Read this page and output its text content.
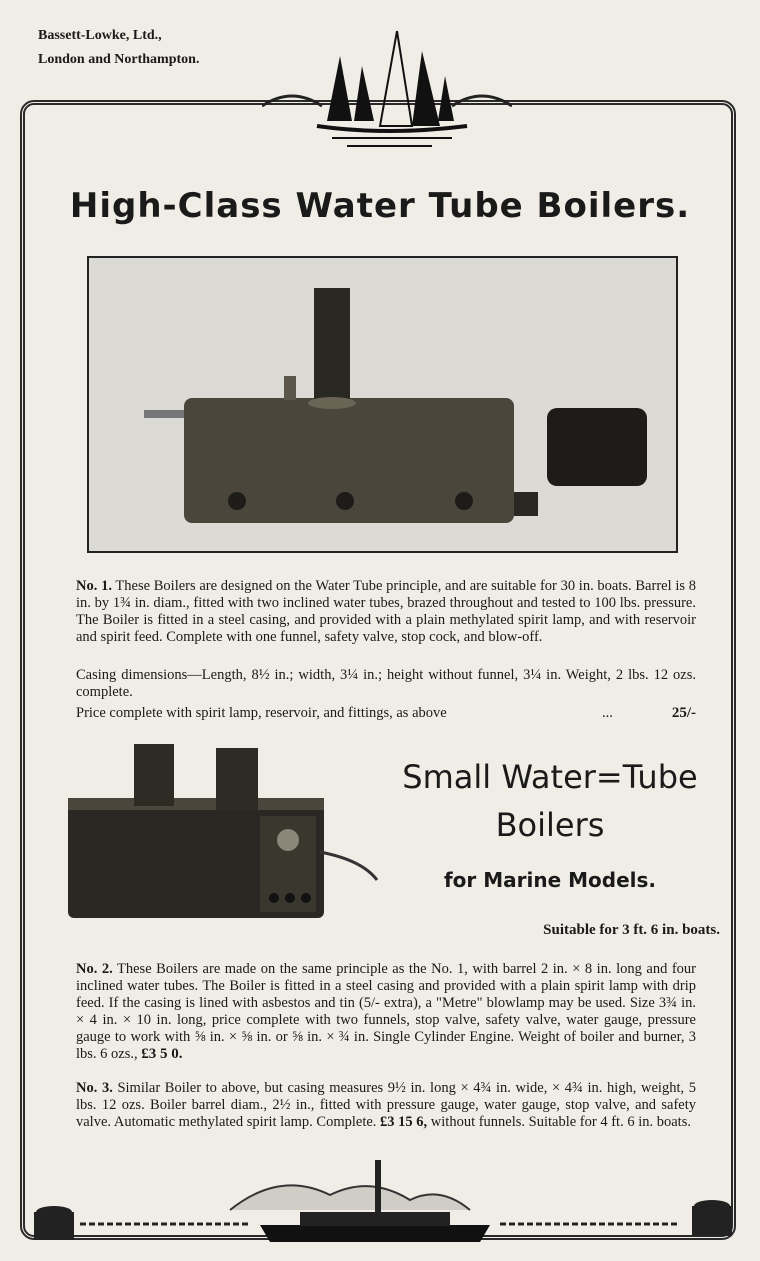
Bassett-Lowke, Ltd.,
London and Northampton.
High-Class Water Tube Boilers.
No. 1. These Boilers are designed on the Water Tube principle, and are suitable for 30 in. boats. Barrel is 8 in. by 1¾ in. diam., fitted with two inclined water tubes, brazed throughout and tested to 100 lbs. pressure. The Boiler is fitted in a steel casing, and provided with a plain methylated spirit lamp, and with reservoir and spirit feed. Complete with one funnel, safety valve, stop cock, and blow-off.
Casing dimensions—Length, 8½ in.; width, 3¼ in.; height without funnel, 3¼ in. Weight, 2 lbs. 12 ozs. complete.
Price complete with spirit lamp, reservoir, and fittings, as above	...	25/-
Small Water=Tube
Boilers
for Marine Models.
Suitable for 3 ft. 6 in. boats.
No. 2. These Boilers are made on the same principle as the No. 1, with barrel 2 in. × 8 in. long and four inclined water tubes. The Boiler is fitted in a steel casing and provided with a plain spirit lamp with drip feed. If the casing is lined with asbestos and tin (5/- extra), a "Metre" blowlamp may be used. Size 3¾ in. × 4 in. × 10 in. long, price complete with two funnels, stop valve, safety valve, water gauge, pressure gauge to work with ⅝ in. × ⅝ in. or ⅝ in. × ¾ in. Single Cylinder Engine. Weight of boiler and burner, 3 lbs. 6 ozs., £3 5 0.
No. 3. Similar Boiler to above, but casing measures 9½ in. long × 4¾ in. wide, × 4¾ in. high, weight, 5 lbs. 12 ozs. Boiler barrel diam., 2½ in., fitted with pressure gauge, water gauge, stop valve, and safety valve. Automatic methylated spirit lamp. Complete. £3 15 6, without funnels. Suitable for 4 ft. 6 in. boats.
